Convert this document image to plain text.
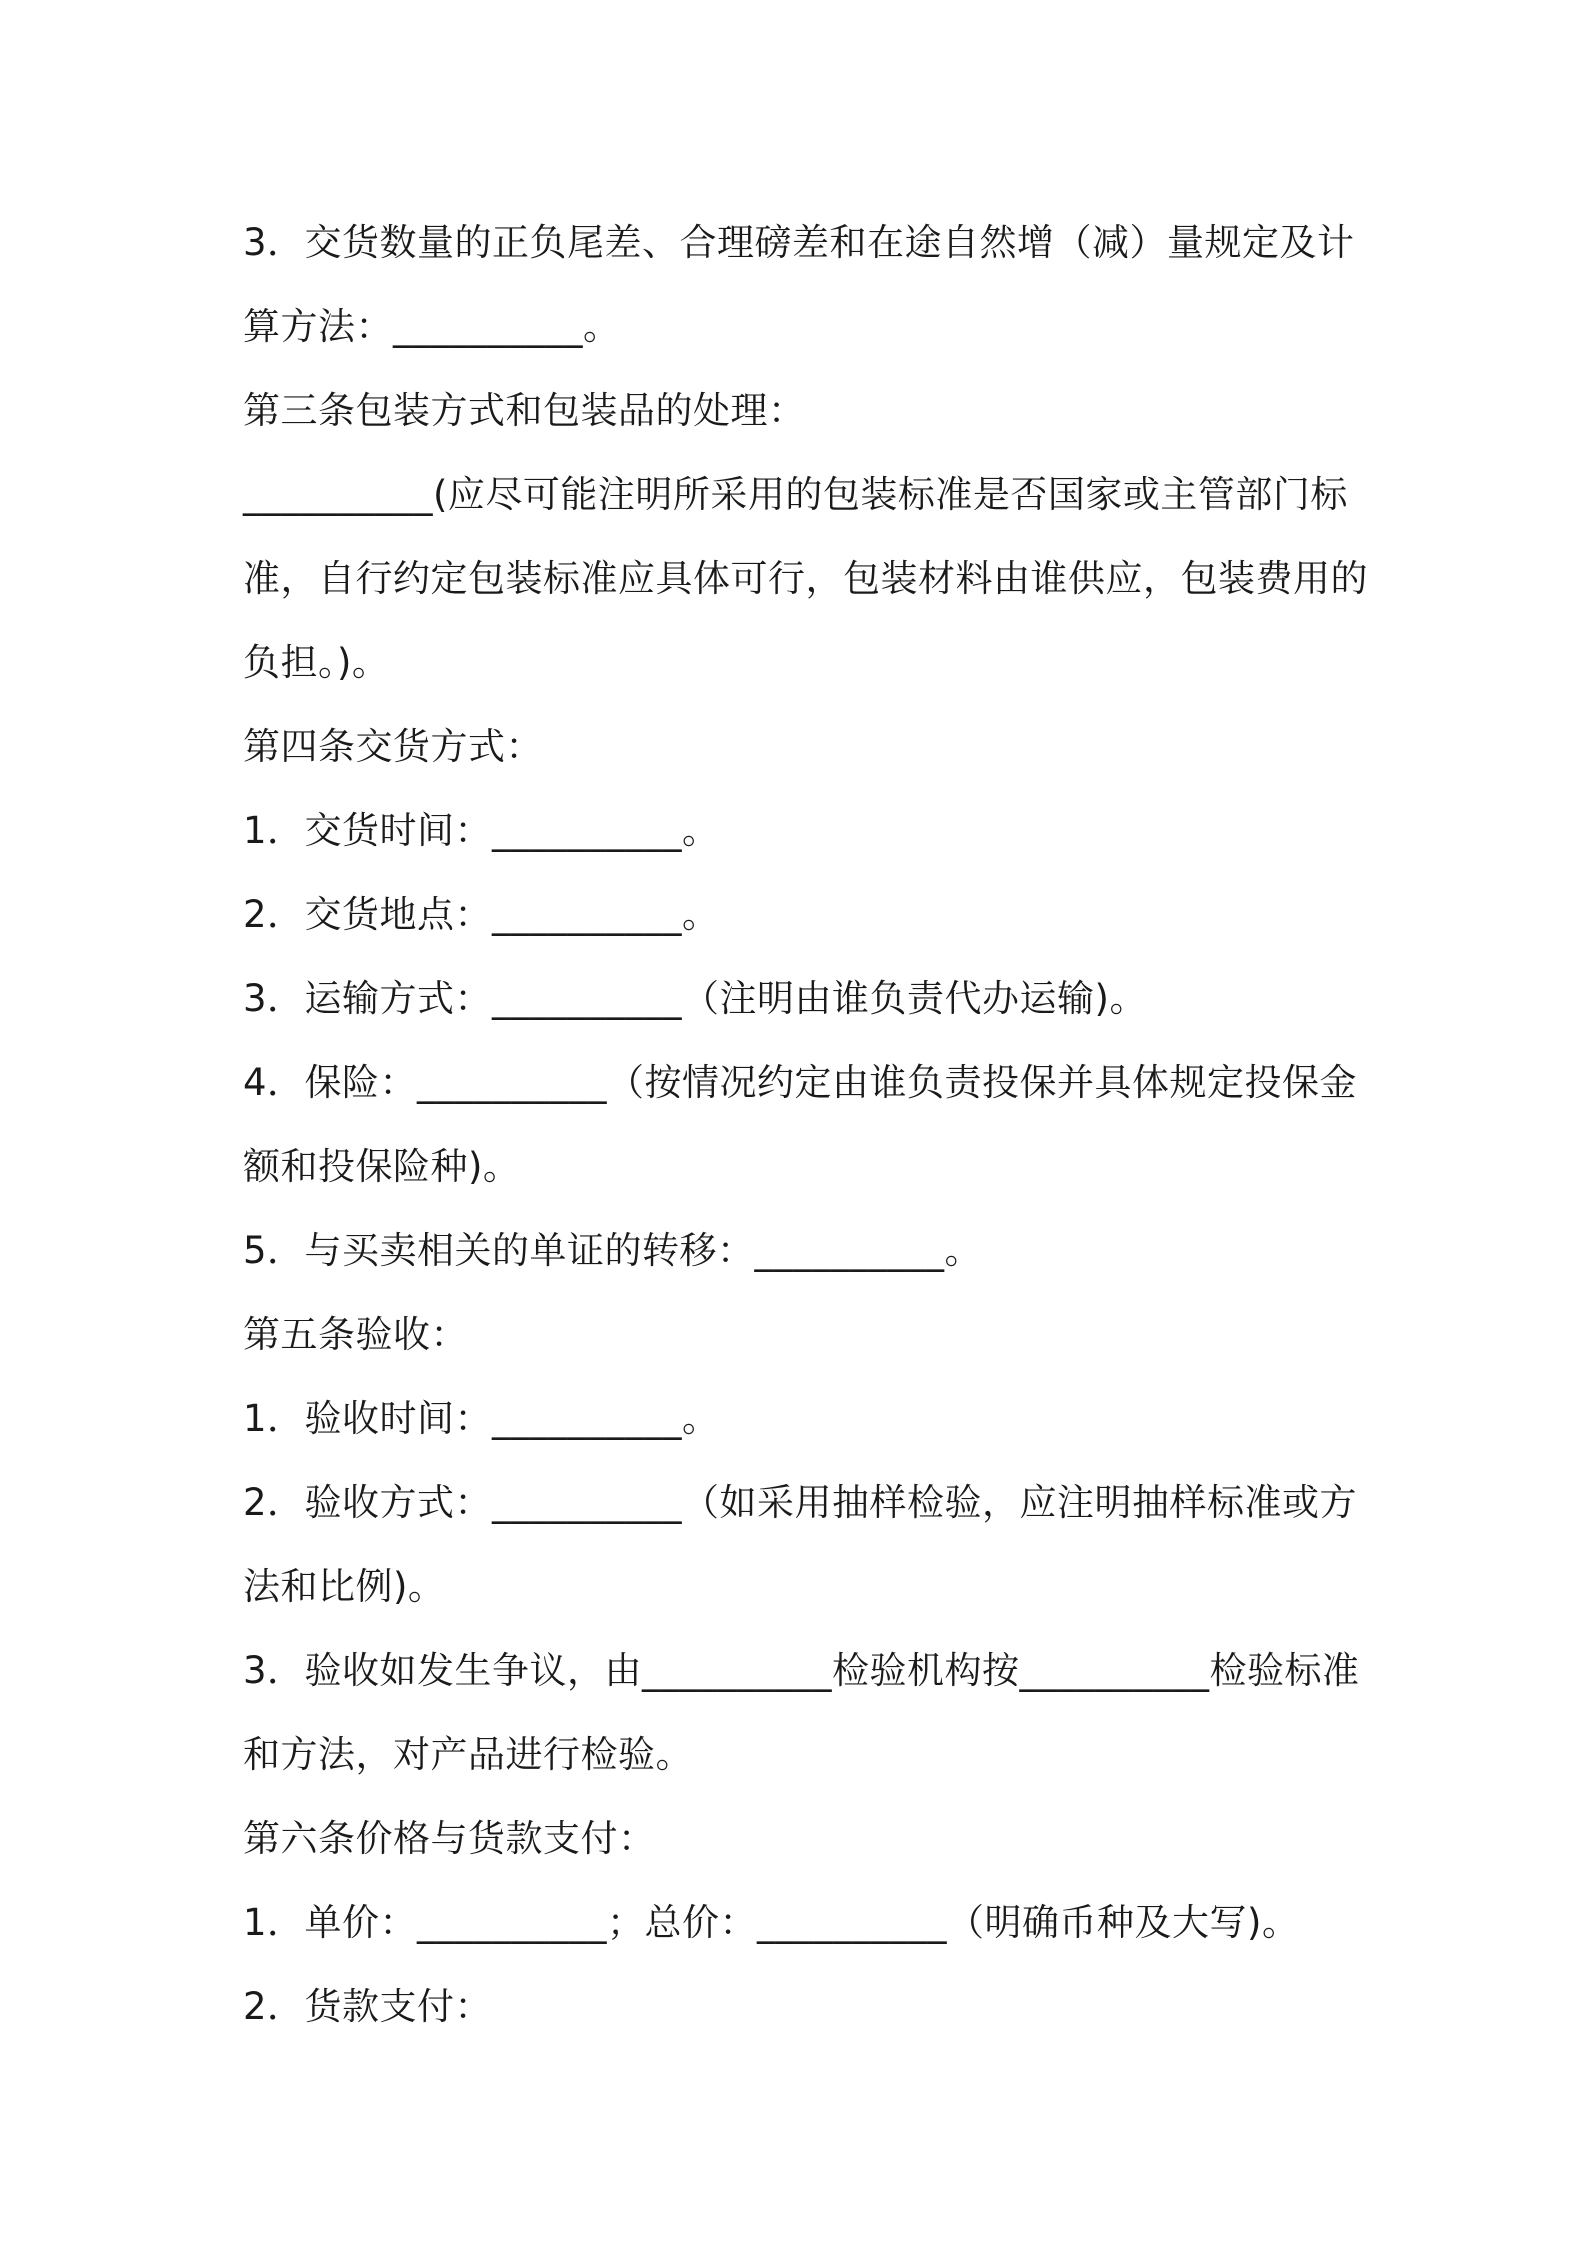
3．交货数量的正负尾差、合理磅差和在途自然增（减）量规定及计
算方法：__________。
第三条包装方式和包装品的处理：
__________(应尽可能注明所采用的包装标准是否国家或主管部门标
准，自行约定包装标准应具体可行，包装材料由谁供应，包装费用的
负担。)。
第四条交货方式：
1．交货时间：__________。
2．交货地点：__________。
3．运输方式：__________（注明由谁负责代办运输)。
4．保险：__________（按情况约定由谁负责投保并具体规定投保金
额和投保险种)。
5．与买卖相关的单证的转移：__________。
第五条验收：
1．验收时间：__________。
2．验收方式：__________（如采用抽样检验，应注明抽样标准或方
法和比例)。
3．验收如发生争议，由__________检验机构按__________检验标准
和方法，对产品进行检验。
第六条价格与货款支付：
1．单价：__________；总价：__________（明确币种及大写)。
2．货款支付：
